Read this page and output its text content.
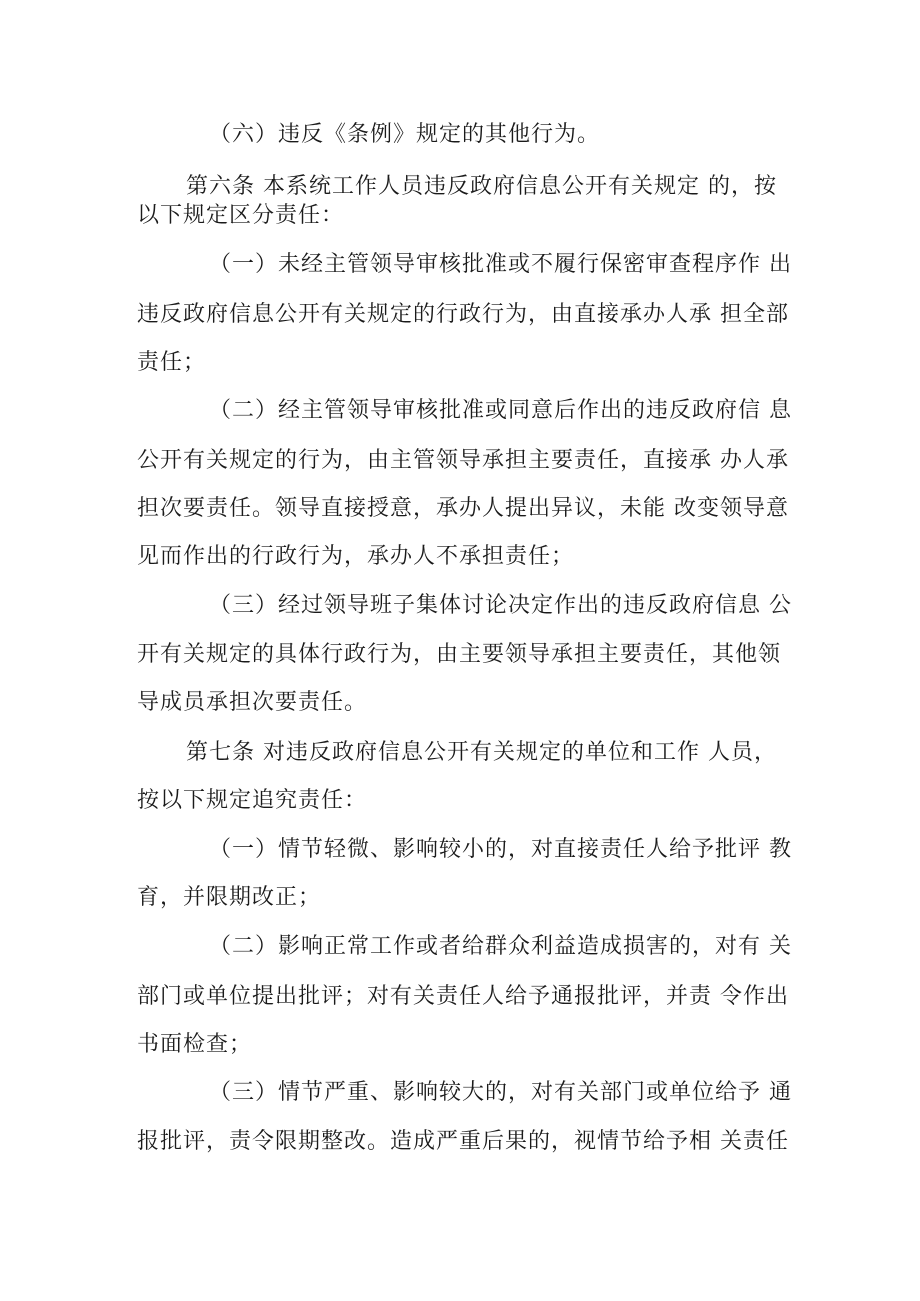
（六）违反《条例》规定的其他行为。
第六条 本系统工作人员违反政府信息公开有关规定 的，按
以下规定区分责任：
（一）未经主管领导审核批准或不履行保密审查程序作 出
违反政府信息公开有关规定的行政行为，由直接承办人承 担全部
责任；
（二）经主管领导审核批准或同意后作出的违反政府信 息
公开有关规定的行为，由主管领导承担主要责任，直接承 办人承
担次要责任。领导直接授意，承办人提出异议，未能 改变领导意
见而作出的行政行为，承办人不承担责任；
（三）经过领导班子集体讨论决定作出的违反政府信息 公
开有关规定的具体行政行为，由主要领导承担主要责任，其他领
导成员承担次要责任。
第七条 对违反政府信息公开有关规定的单位和工作 人员，
按以下规定追究责任：
（一）情节轻微、影响较小的，对直接责任人给予批评 教
育，并限期改正；
（二）影响正常工作或者给群众利益造成损害的，对有 关
部门或单位提出批评；对有关责任人给予通报批评，并责 令作出
书面检查；
（三）情节严重、影响较大的，对有关部门或单位给予 通
报批评，责令限期整改。造成严重后果的，视情节给予相 关责任
